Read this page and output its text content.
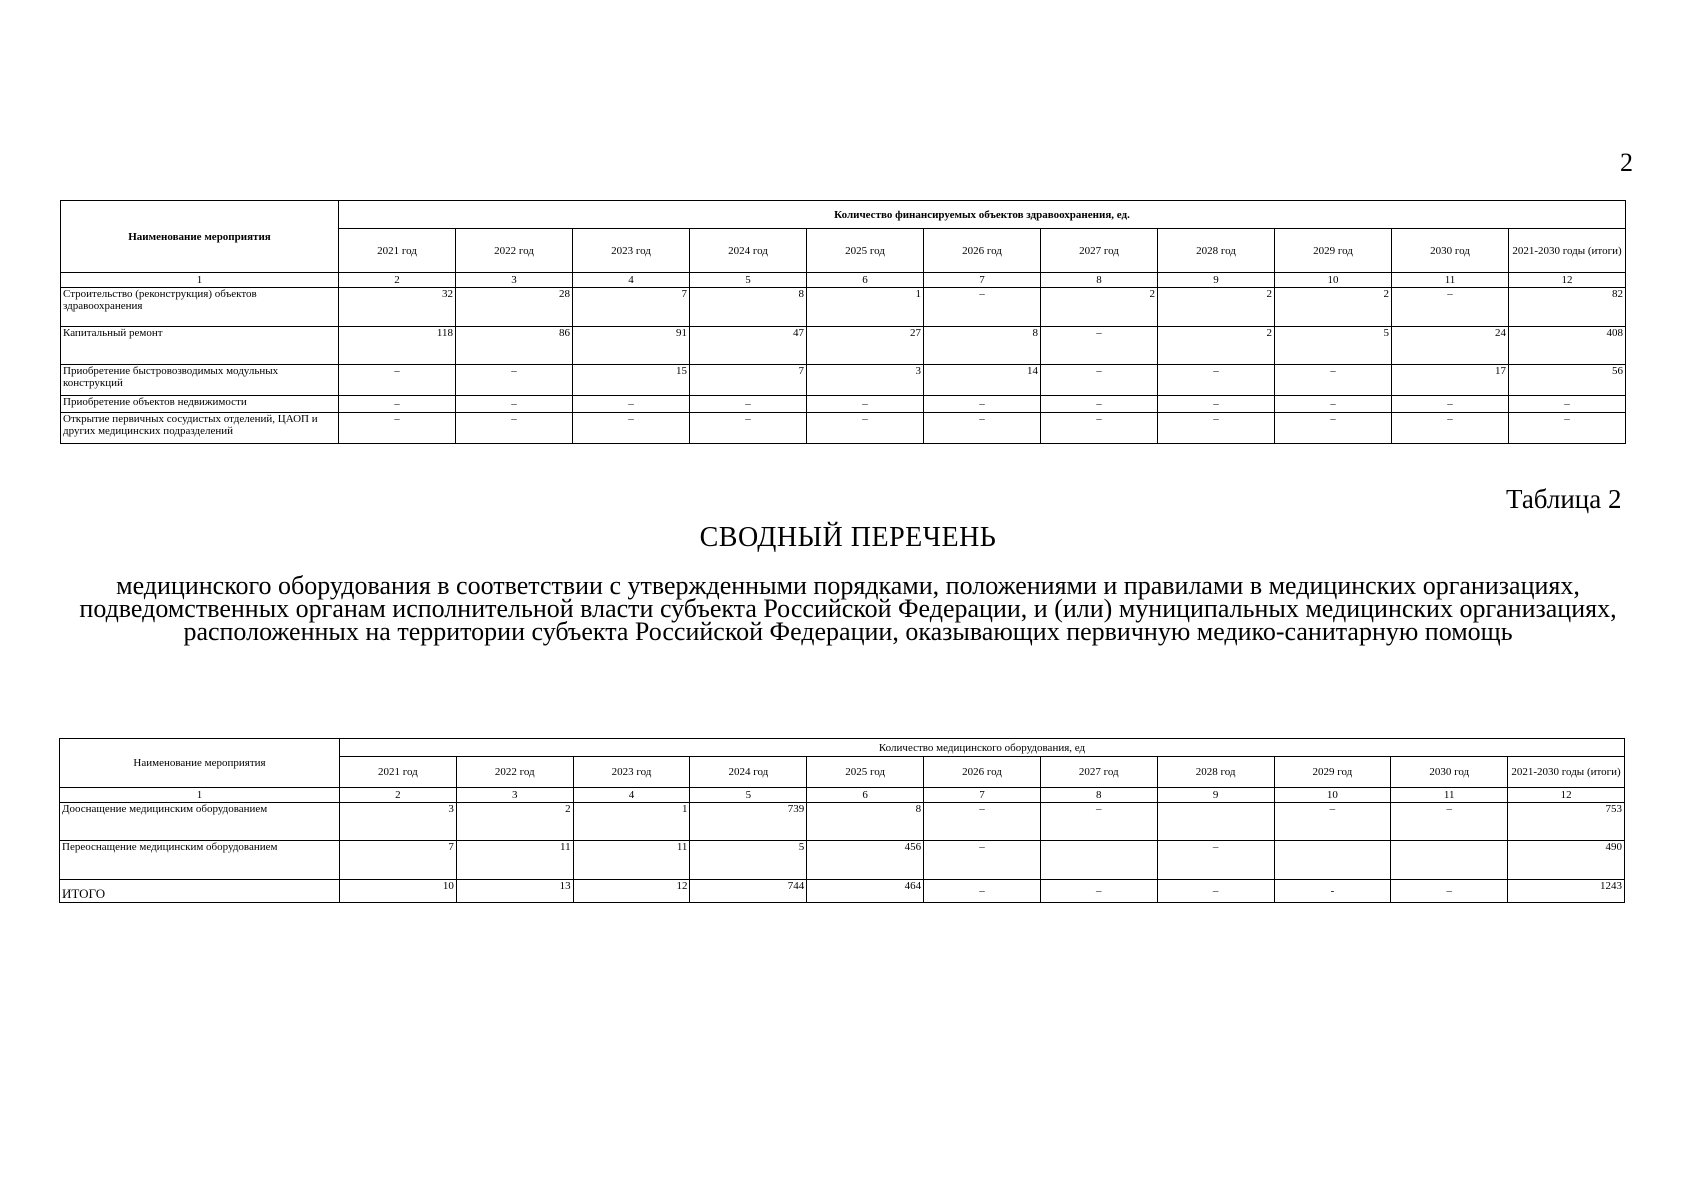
2
Наименование мероприятия	Количество финансируемых объектов здравоохранения, ед.										
	2021 год	2022 год	2023 год	2024 год	2025 год	2026 год	2027 год	2028 год	2029 год	2030 год	2021-2030 годы (итоги)
1	2	3	4	5	6	7	8	9	10	11	12
Строительство (реконструкция) объектов здравоохранения	32	28	7	8	1	–	2	2	2	–	82
Капитальный ремонт	118	86	91	47	27	8	–	2	5	24	408
Приобретение быстровозводимых модульных конструкций	–	–	15	7	3	14	–	–	–	17	56
Приобретение объектов недвижимости	–	–	–	–	–	–	–	–	–	–	–
Открытие первичных сосудистых отделений, ЦАОП и других медицинских подразделений	–	–	–	–	–	–	–	–	–	–	–
Таблица 2
СВОДНЫЙ ПЕРЕЧЕНЬ
медицинского оборудования в соответствии с утвержденными порядками, положениями и правилами в медицинских организациях, подведомственных органам исполнительной власти субъекта Российской Федерации, и (или) муниципальных медицинских организациях, расположенных на территории субъекта Российской Федерации, оказывающих первичную медико-санитарную помощь
Наименование мероприятия	Количество медицинского оборудования, ед										
	2021 год	2022 год	2023 год	2024 год	2025 год	2026 год	2027 год	2028 год	2029 год	2030 год	2021-2030 годы (итоги)
1	2	3	4	5	6	7	8	9	10	11	12
Дооснащение медицинским оборудованием	3	2	1	739	8	–	–		–	–	753
Переоснащение медицинским оборудованием	7	11	11	5	456	–		–			490
ИТОГО	10	13	12	744	464	–	–	–	-	–	1243
